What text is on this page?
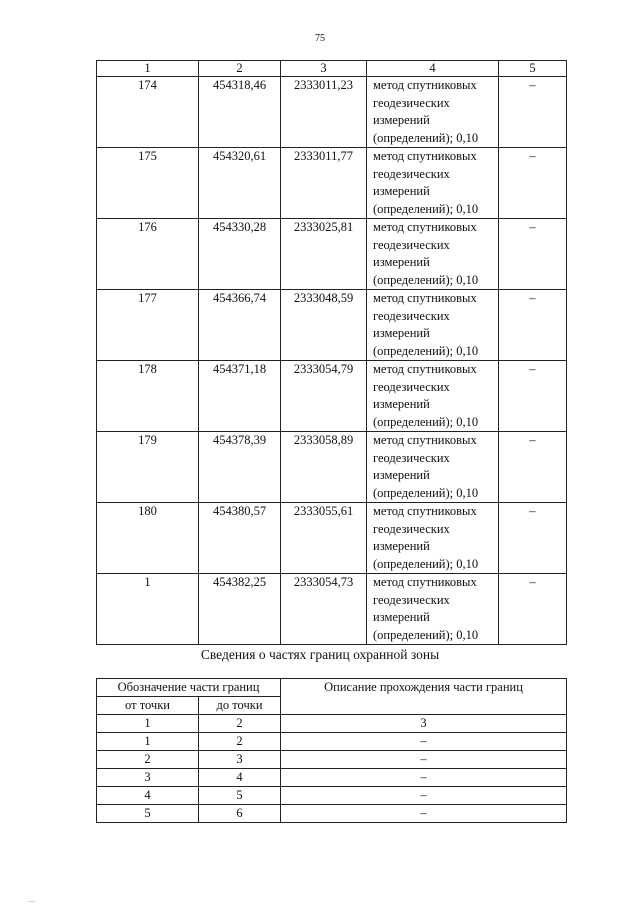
75
1	2	3	4	5
174	454318,46	2333011,23	метод спутниковых
геодезических
измерений
(определений); 0,10	–
175	454320,61	2333011,77	метод спутниковых
геодезических
измерений
(определений); 0,10	–
176	454330,28	2333025,81	метод спутниковых
геодезических
измерений
(определений); 0,10	–
177	454366,74	2333048,59	метод спутниковых
геодезических
измерений
(определений); 0,10	–
178	454371,18	2333054,79	метод спутниковых
геодезических
измерений
(определений); 0,10	–
179	454378,39	2333058,89	метод спутниковых
геодезических
измерений
(определений); 0,10	–
180	454380,57	2333055,61	метод спутниковых
геодезических
измерений
(определений); 0,10	–
1	454382,25	2333054,73	метод спутниковых
геодезических
измерений
(определений); 0,10	–
Сведения о частях границ охранной зоны
Обозначение части границ		Описание прохождения части границ
от точки	до точки	
1	2	3
1	2	–
2	3	–
3	4	–
4	5	–
5	6	–
—
